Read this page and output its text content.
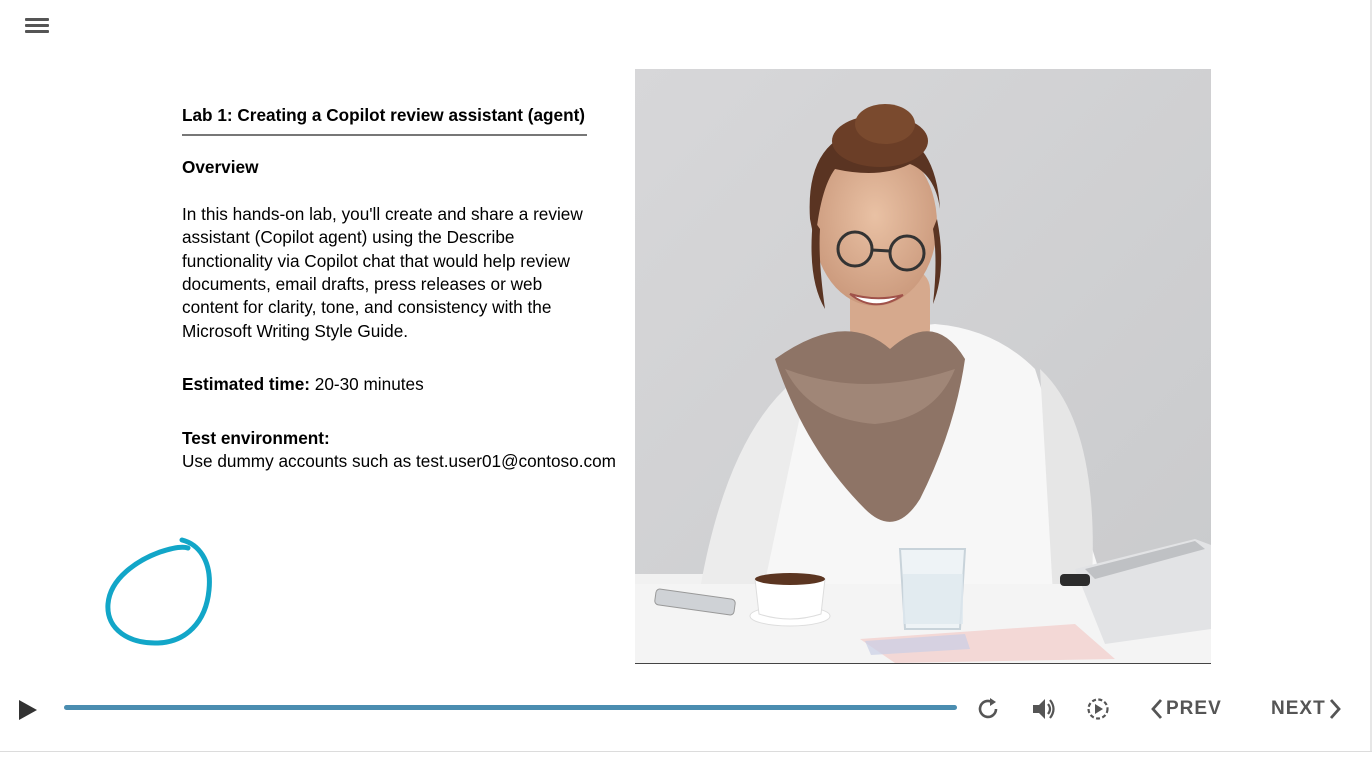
Lab 1: Creating a Copilot review assistant (agent)
Overview
In this hands-on lab, you'll create and share a review assistant (Copilot agent) using the Describe functionality via Copilot chat that would help review documents, email drafts, press releases or web content for clarity, tone, and consistency with the Microsoft Writing Style Guide.
Estimated time: 20-30 minutes
Test environment:
Use dummy accounts such as test.user01@contoso.com
PREV	NEXT
